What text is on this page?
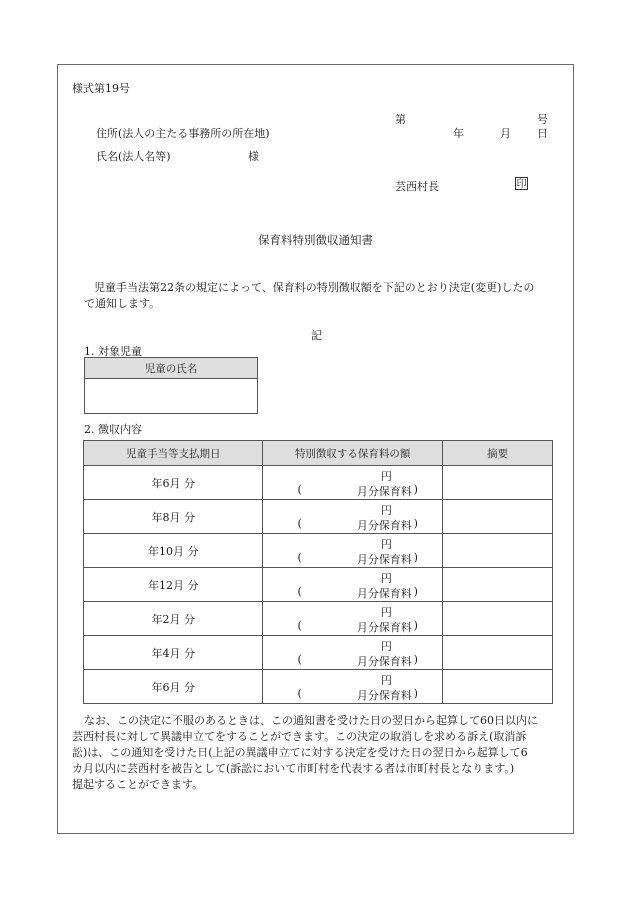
様式第19号
第	号
住所(法人の主たる事務所の所在地)	年	月 日
氏名(法人名等)	様
芸西村長	印
保育料特別徴収通知書
児童手当法第22条の規定によって、保育料の特別徴収額を下記のとおり決定(変更)したの
で通知します。
記
1. 対象児童
児童の氏名

2. 徴収内容
児童手当等支払期日	特別徴収する保育料の額	摘要
年6月 分	円
( 月分保育料 )	

年8月 分	円
( 月分保育料 )	

年10月 分	円
( 月分保育料 )	

年12月 分	円
( 月分保育料 )	

年2月 分	円
( 月分保育料 )	

年4月 分	円
( 月分保育料 )	

年6月 分	円
( 月分保育料 )	

なお、この決定に不服のあるときは、この通知書を受けた日の翌日から起算して60日以内に
芸西村長に対して異議申立てをすることができます。この決定の取消しを求める訴え(取消訴
訟)は、この通知を受けた日(上記の異議申立てに対する決定を受けた日の翌日から起算して6
カ月以内に芸西村を被告として(訴訟において市町村を代表する者は市町村長となります。)
提起することができます。
